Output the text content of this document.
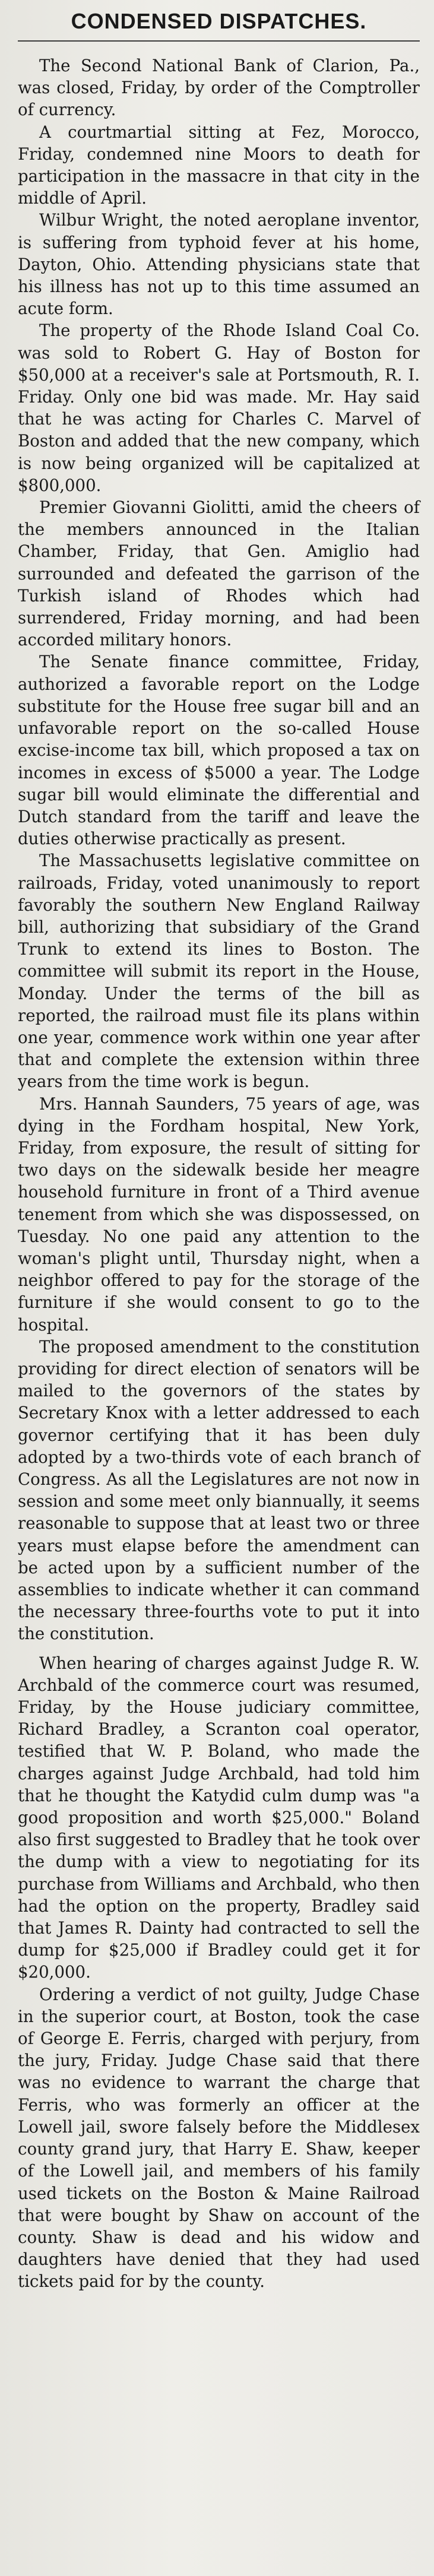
CONDENSED DISPATCHES.

The Second National Bank of Clarion, Pa., was closed, Friday, by order of the Comptroller of currency.

A courtmartial sitting at Fez, Morocco, Friday, condemned nine Moors to death for participation in the massacre in that city in the middle of April.

Wilbur Wright, the noted aeroplane inventor, is suffering from typhoid fever at his home, Dayton, Ohio. Attending physicians state that his illness has not up to this time assumed an acute form.

The property of the Rhode Island Coal Co. was sold to Robert G. Hay of Boston for $50,000 at a receiver's sale at Portsmouth, R. I. Friday. Only one bid was made. Mr. Hay said that he was acting for Charles C. Marvel of Boston and added that the new company, which is now being organized will be capitalized at $800,000.

Premier Giovanni Giolitti, amid the cheers of the members announced in the Italian Chamber, Friday, that Gen. Amiglio had surrounded and defeated the garrison of the Turkish island of Rhodes which had surrendered, Friday morning, and had been accorded military honors.

The Senate finance committee, Friday, authorized a favorable report on the Lodge substitute for the House free sugar bill and an unfavorable report on the so-called House excise-income tax bill, which proposed a tax on incomes in excess of $5000 a year. The Lodge sugar bill would eliminate the differential and Dutch standard from the tariff and leave the duties otherwise practically as present.

The Massachusetts legislative committee on railroads, Friday, voted unanimously to report favorably the southern New England Railway bill, authorizing that subsidiary of the Grand Trunk to extend its lines to Boston. The committee will submit its report in the House, Monday. Under the terms of the bill as reported, the railroad must file its plans within one year, commence work within one year after that and complete the extension within three years from the time work is begun.

Mrs. Hannah Saunders, 75 years of age, was dying in the Fordham hospital, New York, Friday, from exposure, the result of sitting for two days on the sidewalk beside her meagre household furniture in front of a Third avenue tenement from which she was dispossessed, on Tuesday. No one paid any attention to the woman's plight until, Thursday night, when a neighbor offered to pay for the storage of the furniture if she would consent to go to the hospital.

The proposed amendment to the constitution providing for direct election of senators will be mailed to the governors of the states by Secretary Knox with a letter addressed to each governor certifying that it has been duly adopted by a two-thirds vote of each branch of Congress. As all the Legislatures are not now in session and some meet only biannually, it seems reasonable to suppose that at least two or three years must elapse before the amendment can be acted upon by a sufficient number of the assemblies to indicate whether it can command the necessary three-fourths vote to put it into the constitution.

When hearing of charges against Judge R. W. Archbald of the commerce court was resumed, Friday, by the House judiciary committee, Richard Bradley, a Scranton coal operator, testified that W. P. Boland, who made the charges against Judge Archbald, had told him that he thought the Katydid culm dump was "a good proposition and worth $25,000." Boland also first suggested to Bradley that he took over the dump with a view to negotiating for its purchase from Williams and Archbald, who then had the option on the property, Bradley said that James R. Dainty had contracted to sell the dump for $25,000 if Bradley could get it for $20,000.

Ordering a verdict of not guilty, Judge Chase in the superior court, at Boston, took the case of George E. Ferris, charged with perjury, from the jury, Friday. Judge Chase said that there was no evidence to warrant the charge that Ferris, who was formerly an officer at the Lowell jail, swore falsely before the Middlesex county grand jury, that Harry E. Shaw, keeper of the Lowell jail, and members of his family used tickets on the Boston & Maine Railroad that were bought by Shaw on account of the county. Shaw is dead and his widow and daughters have denied that they had used tickets paid for by the county.
